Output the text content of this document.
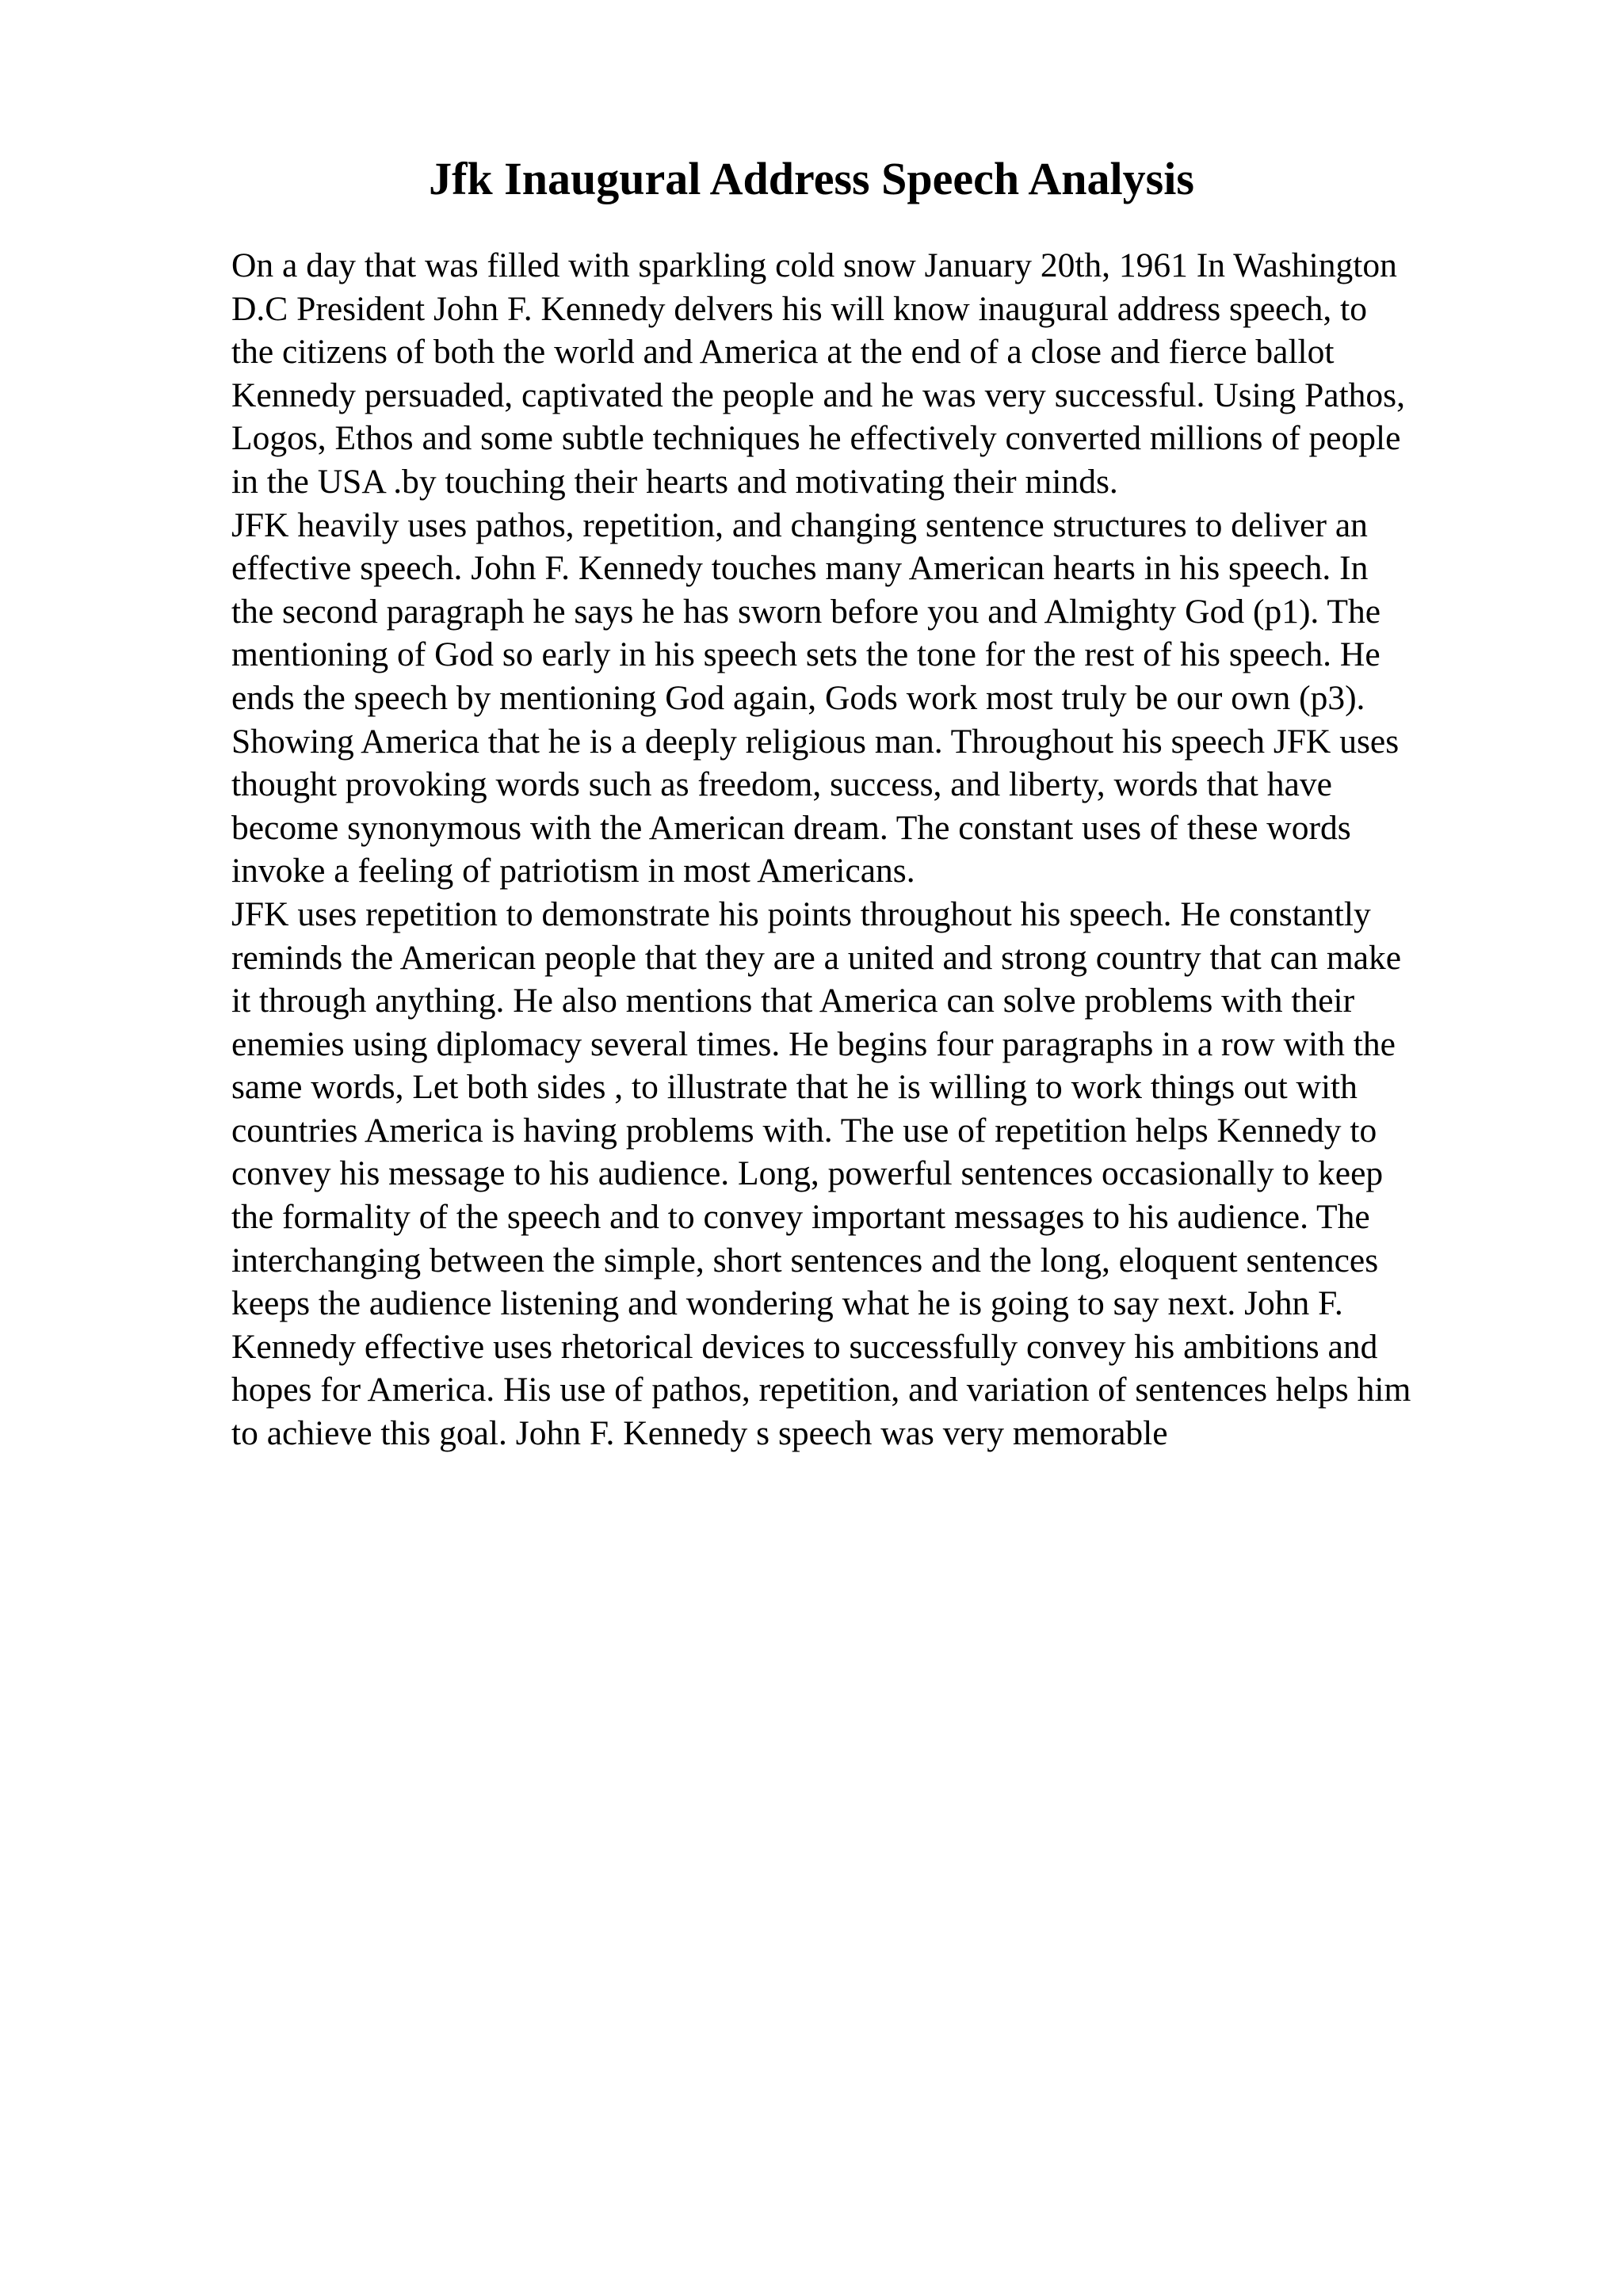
Jfk Inaugural Address Speech Analysis

On a day that was filled with sparkling cold snow January 20th, 1961 In Washington

D.C President John F. Kennedy delvers his will know inaugural address speech, to

the citizens of both the world and America at the end of a close and fierce ballot

Kennedy persuaded, captivated the people and he was very successful. Using Pathos,

Logos, Ethos and some subtle techniques he effectively converted millions of people

in the USA .by touching their hearts and motivating their minds.

JFK heavily uses pathos, repetition, and changing sentence structures to deliver an

effective speech. John F. Kennedy touches many American hearts in his speech. In

the second paragraph he says he has sworn before you and Almighty God (p1). The

mentioning of God so early in his speech sets the tone for the rest of his speech. He

ends the speech by mentioning God again, Gods work most truly be our own (p3).

Showing America that he is a deeply religious man. Throughout his speech JFK uses

thought provoking words such as freedom, success, and liberty, words that have

become synonymous with the American dream. The constant uses of these words

invoke a feeling of patriotism in most Americans.

JFK uses repetition to demonstrate his points throughout his speech. He constantly

reminds the American people that they are a united and strong country that can make

it through anything. He also mentions that America can solve problems with their

enemies using diplomacy several times. He begins four paragraphs in a row with the

same words, Let both sides , to illustrate that he is willing to work things out with

countries America is having problems with. The use of repetition helps Kennedy to

convey his message to his audience. Long, powerful sentences occasionally to keep

the formality of the speech and to convey important messages to his audience. The

interchanging between the simple, short sentences and the long, eloquent sentences

keeps the audience listening and wondering what he is going to say next. John F.

Kennedy effective uses rhetorical devices to successfully convey his ambitions and

hopes for America. His use of pathos, repetition, and variation of sentences helps him

to achieve this goal. John F. Kennedy s speech was very memorable
